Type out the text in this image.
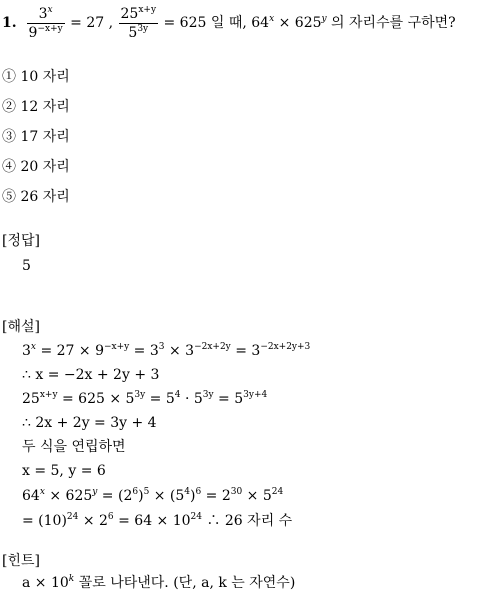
1. $\frac{3^x}{9^{-x+y}} = 27$ , $\frac{25^{x+y}}{5^{3y}} = 625$ 일 때, $64^x \times 625^y$ 의 자리수를 구하면?
① 10 자리
② 12 자리
③ 17 자리
④ 20 자리
⑤ 26 자리
[정답]
5
[해설]
$3^x = 27 \times 9^{-x+y} = 3^3 \times 3^{-2x+2y} = 3^{-2x+2y+3}$
∴ x = −2x + 2y + 3
$25^{x+y} = 625 \times 5^{3y} = 5^4 \cdot 5^{3y} = 5^{3y+4}$
∴ 2x + 2y = 3y + 4
두 식을 연립하면
x = 5, y = 6
$64^x \times 625^y = (2^6)^5 \times (5^4)^6 = 2^{30} \times 5^{24}$
= $(10)^{24} \times 2^6 = 64 \times 10^{24}$ ∴ 26 자리 수
[힌트]
$a \times 10^k$ 꼴로 나타낸다. (단, a, k 는 자연수)
